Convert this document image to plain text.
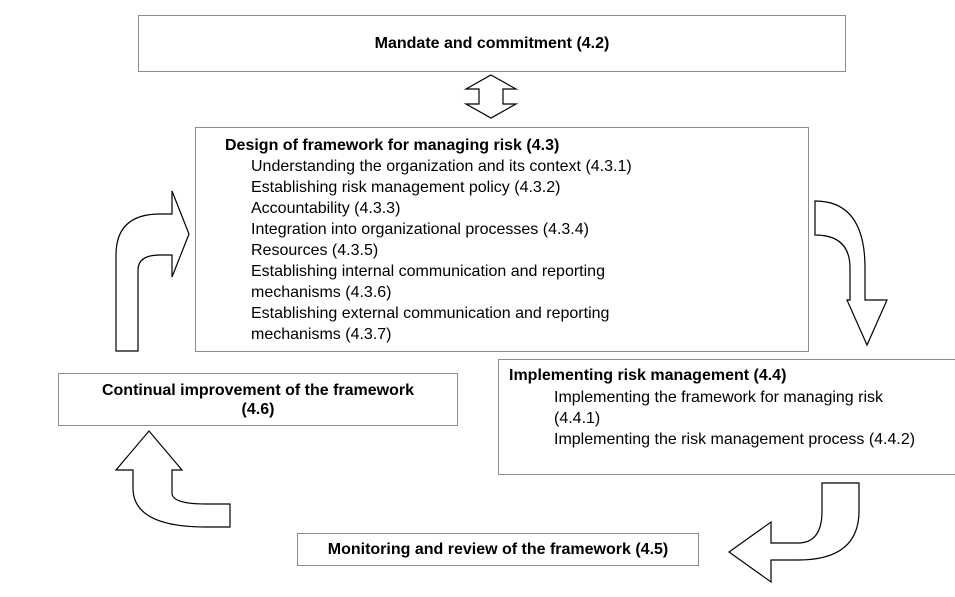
Mandate and commitment (4.2)
Design of framework for managing risk (4.3)
Understanding the organization and its context (4.3.1)
Establishing risk management policy (4.3.2)
Accountability (4.3.3)
Integration into organizational processes (4.3.4)
Resources (4.3.5)
Establishing internal communication and reporting mechanisms (4.3.6)
Establishing external communication and reporting mechanisms (4.3.7)
Implementing risk management (4.4)
Implementing the framework for managing risk (4.4.1)
Implementing the risk management process (4.4.2)
Continual improvement of the framework (4.6)
Monitoring and review of the framework (4.5)
